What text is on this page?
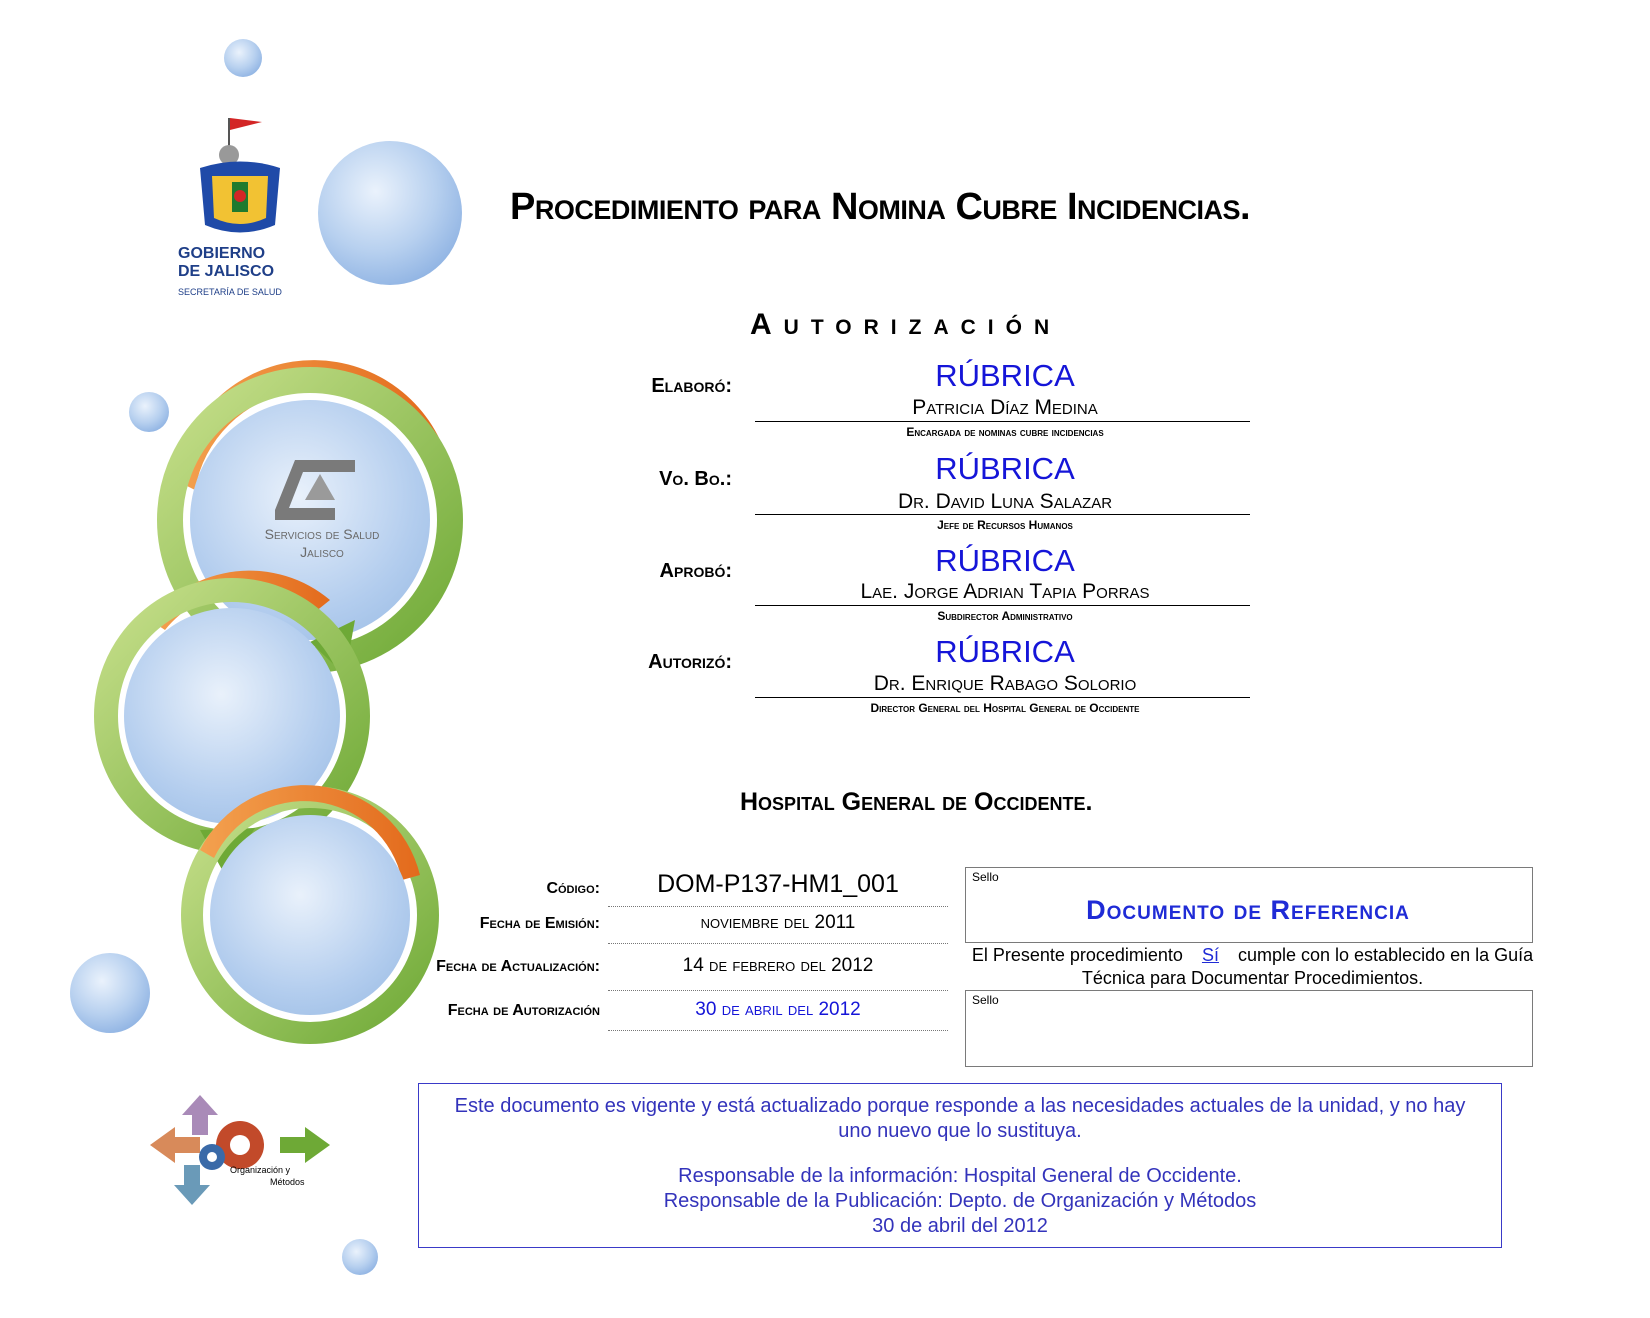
GOBIERNO
DE JALISCO
SECRETARÍA DE SALUD
Servicios de Salud
Jalisco
Organización y
Métodos
Procedimiento para Nomina Cubre Incidencias.
Autorización
Elaboró:	RÚBRICA
Patricia Díaz Medina
Encargada de nominas cubre incidencias
Vo. Bo.:	RÚBRICA
Dr. David Luna Salazar
Jefe de Recursos Humanos
Aprobó:	RÚBRICA
Lae. Jorge Adrian Tapia Porras
Subdirector Administrativo
Autorizó:	RÚBRICA
Dr. Enrique Rabago Solorio
Director General del Hospital General de Occidente
Hospital General de Occidente.
Código:	DOM-P137-HM1_001
Fecha de Emisión:	noviembre del 2011
Fecha de Actualización:	14 de febrero del 2012
Fecha de Autorización	30 de abril del 2012
Sello
Documento de Referencia
El Presente procedimiento Sí cumple con lo establecido en la Guía Técnica para Documentar Procedimientos.
Sello

Este documento es vigente y está actualizado porque responde a las necesidades actuales de la unidad, y no hay uno nuevo que lo sustituya.

Responsable de la información: Hospital General de Occidente.

Responsable de la Publicación: Depto. de Organización y Métodos

30 de abril del 2012
